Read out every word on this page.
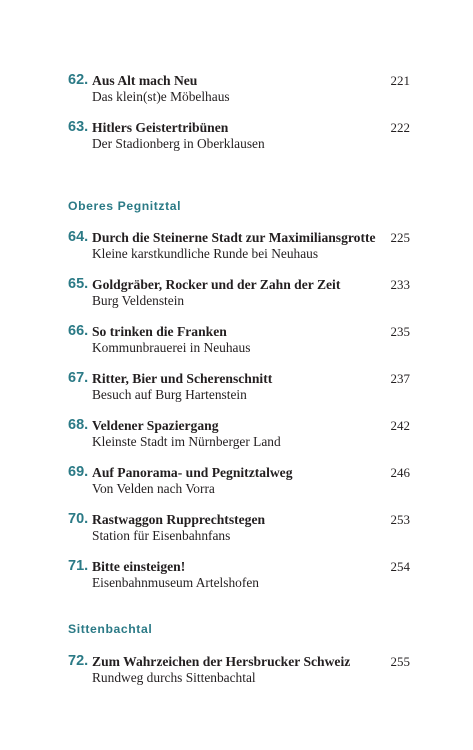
62. Aus Alt mach Neu
Das klein(st)e Möbelhaus
221
63. Hitlers Geistertribünen
Der Stadionberg in Oberklausen
222
Oberes Pegnitztal
64. Durch die Steinerne Stadt zur Maximiliansgrotte
Kleine karstkundliche Runde bei Neuhaus
225
65. Goldgräber, Rocker und der Zahn der Zeit
Burg Veldenstein
233
66. So trinken die Franken
Kommunbrauerei in Neuhaus
235
67. Ritter, Bier und Scherenschnitt
Besuch auf Burg Hartenstein
237
68. Veldener Spaziergang
Kleinste Stadt im Nürnberger Land
242
69. Auf Panorama- und Pegnitztalweg
Von Velden nach Vorra
246
70. Rastwaggon Rupprechtstegen
Station für Eisenbahnfans
253
71. Bitte einsteigen!
Eisenbahnmuseum Artelshofen
254
Sittenbachtal
72. Zum Wahrzeichen der Hersbrucker Schweiz
Rundweg durchs Sittenbachtal
255
